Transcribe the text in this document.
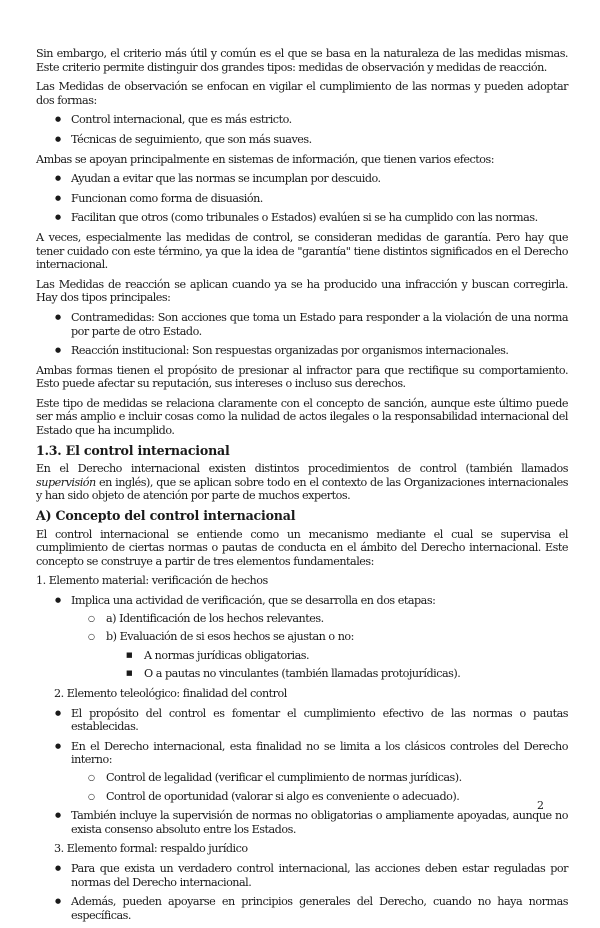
Sin embargo, el criterio más útil y común es el que se basa en la naturaleza de las medidas mismas. Este criterio permite distinguir dos grandes tipos: medidas de observación y medidas de reacción.

Las Medidas de observación se enfocan en vigilar el cumplimiento de las normas y pueden adoptar dos formas:

● Control internacional, que es más estricto.
● Técnicas de seguimiento, que son más suaves.

Ambas se apoyan principalmente en sistemas de información, que tienen varios efectos:

● Ayudan a evitar que las normas se incumplan por descuido.
● Funcionan como forma de disuasión.
● Facilitan que otros (como tribunales o Estados) evalúen si se ha cumplido con las normas.

A veces, especialmente las medidas de control, se consideran medidas de garantía. Pero hay que tener cuidado con este término, ya que la idea de "garantía" tiene distintos significados en el Derecho internacional.

Las Medidas de reacción se aplican cuando ya se ha producido una infracción y buscan corregirla. Hay dos tipos principales:

● Contramedidas: Son acciones que toma un Estado para responder a la violación de una norma por parte de otro Estado.
● Reacción institucional: Son respuestas organizadas por organismos internacionales.

Ambas formas tienen el propósito de presionar al infractor para que rectifique su comportamiento. Esto puede afectar su reputación, sus intereses o incluso sus derechos.

Este tipo de medidas se relaciona claramente con el concepto de sanción, aunque este último puede ser más amplio e incluir cosas como la nulidad de actos ilegales o la responsabilidad internacional del Estado que ha incumplido.

1.3. El control internacional

En el Derecho internacional existen distintos procedimientos de control (también llamados supervisión en inglés), que se aplican sobre todo en el contexto de las Organizaciones internacionales y han sido objeto de atención por parte de muchos expertos.

A) Concepto del control internacional

El control internacional se entiende como un mecanismo mediante el cual se supervisa el cumplimiento de ciertas normas o pautas de conducta en el ámbito del Derecho internacional. Este concepto se construye a partir de tres elementos fundamentales:

1. Elemento material: verificación de hechos

● Implica una actividad de verificación, que se desarrolla en dos etapas:
○ a) Identificación de los hechos relevantes.
○ b) Evaluación de si esos hechos se ajustan o no:
■ A normas jurídicas obligatorias.
■ O a pautas no vinculantes (también llamadas protojurídicas).

2. Elemento teleológico: finalidad del control

● El propósito del control es fomentar el cumplimiento efectivo de las normas o pautas establecidas.
● En el Derecho internacional, esta finalidad no se limita a los clásicos controles del Derecho interno:
○ Control de legalidad (verificar el cumplimiento de normas jurídicas).
○ Control de oportunidad (valorar si algo es conveniente o adecuado).
● También incluye la supervisión de normas no obligatorias o ampliamente apoyadas, aunque no exista consenso absoluto entre los Estados.

3. Elemento formal: respaldo jurídico

● Para que exista un verdadero control internacional, las acciones deben estar reguladas por normas del Derecho internacional.
● Además, pueden apoyarse en principios generales del Derecho, cuando no haya normas específicas.
2
